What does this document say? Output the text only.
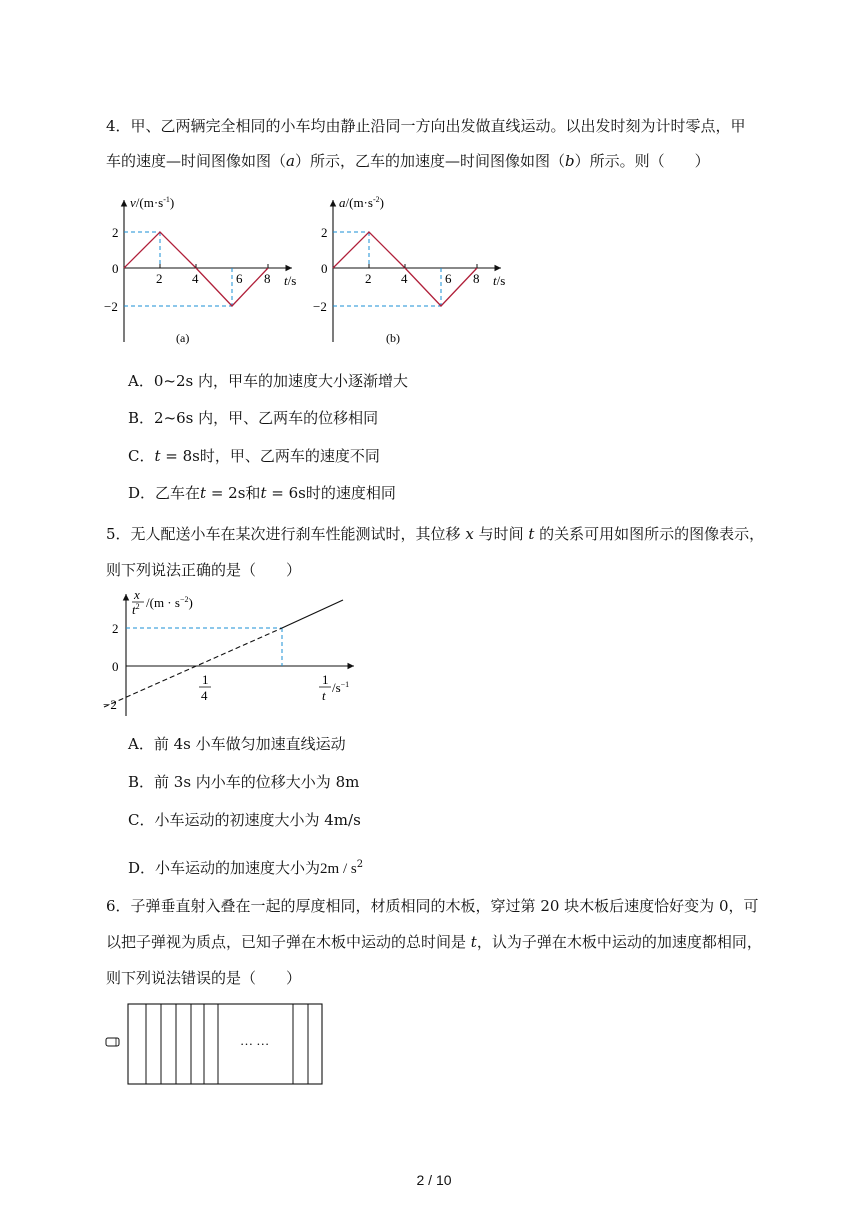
4．甲、乙两辆完全相同的小车均由静止沿同一方向出发做直线运动。以出发时刻为计时零点，甲
车的速度—时间图像如图（a）所示，乙车的加速度—时间图像如图（b）所示。则（　　）
$v/(m\cdot s^{-1})$
2
0
−2
2 4	6 8 t/s
(a)
$a/(m\cdot s^{-2})$
2
0
−2
2 4	6 8 t/s
(b)
A．0~2s 内，甲车的加速度大小逐渐增大
B．2~6s 内，甲、乙两车的位移相同
C．t = 8s时，甲、乙两车的速度不同
D．乙车在t = 2s和t = 6s时的速度相同
5．无人配送小车在某次进行刹车性能测试时，其位移 x 与时间 t 的关系可用如图所示的图像表示，
则下列说法正确的是（　　）
x
$t^2$ $/(m \cdot s^{-2})$
2
0
−2
1
4
1
t
$/s^{-1}$
A．前 4s 小车做匀加速直线运动
B．前 3s 内小车的位移大小为 8m
C．小车运动的初速度大小为 4m/s
D．小车运动的加速度大小为$2m / s^2$
6．子弹垂直射入叠在一起的厚度相同，材质相同的木板，穿过第 20 块木板后速度恰好变为 0，可
以把子弹视为质点，已知子弹在木板中运动的总时间是 t，认为子弹在木板中运动的加速度都相同，
则下列说法错误的是（　　）
… …
2 / 10
